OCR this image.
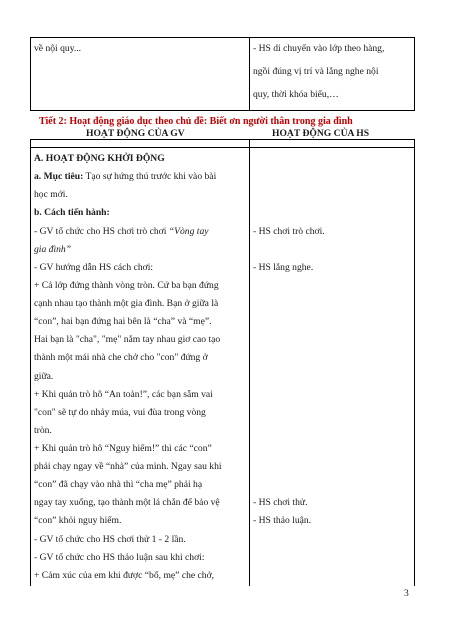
về nội quy...	- HS di chuyển vào lớp theo hàng,
ngồi đúng vị trí và lắng nghe nội
quy, thời khóa biểu,…
Tiết 2: Hoạt động giáo dục theo chủ đề: Biết ơn người thân trong gia đình
HOẠT ĐỘNG CỦA GV	HOẠT ĐỘNG CỦA HS
A. HOẠT ĐỘNG KHỞI ĐỘNG
a. Mục tiêu: Tạo sự hứng thú trước khi vào bài
học mới.
b. Cách tiến hành:
- GV tổ chức cho HS chơi trò chơi “Vòng tay
gia đình”
- GV hướng dẫn HS cách chơi:
+ Cả lớp đứng thành vòng tròn. Cứ ba bạn đứng
cạnh nhau tạo thành một gia đình. Bạn ở giữa là
“con”, hai bạn đứng hai bên là “cha” và “mẹ”.
Hai bạn là "cha", "mẹ" nắm tay nhau giơ cao tạo
thành một mái nhà che chở cho "con" đứng ở
giữa.
+ Khi quản trò hô “An toàn!”, các bạn sẵm vai
"con" sẽ tự do nhảy múa, vui đùa trong vòng
tròn.
+ Khi quản trò hô “Nguy hiểm!” thì các “con”
phải chạy ngay về “nhà” của mình. Ngay sau khi
“con” đã chạy vào nhà thì “cha mẹ” phải hạ
ngay tay xuống, tạo thành một lá chắn để bảo vệ
“con” khỏi nguy hiểm.
- GV tổ chức cho HS chơi thử 1 - 2 lần.
- GV tổ chức cho HS thảo luận sau khi chơi:
+ Cảm xúc của em khi được “bố, mẹ” che chở,
- HS chơi trò chơi.
- HS lắng nghe.
- HS chơi thử.
- HS thảo luận.
3
